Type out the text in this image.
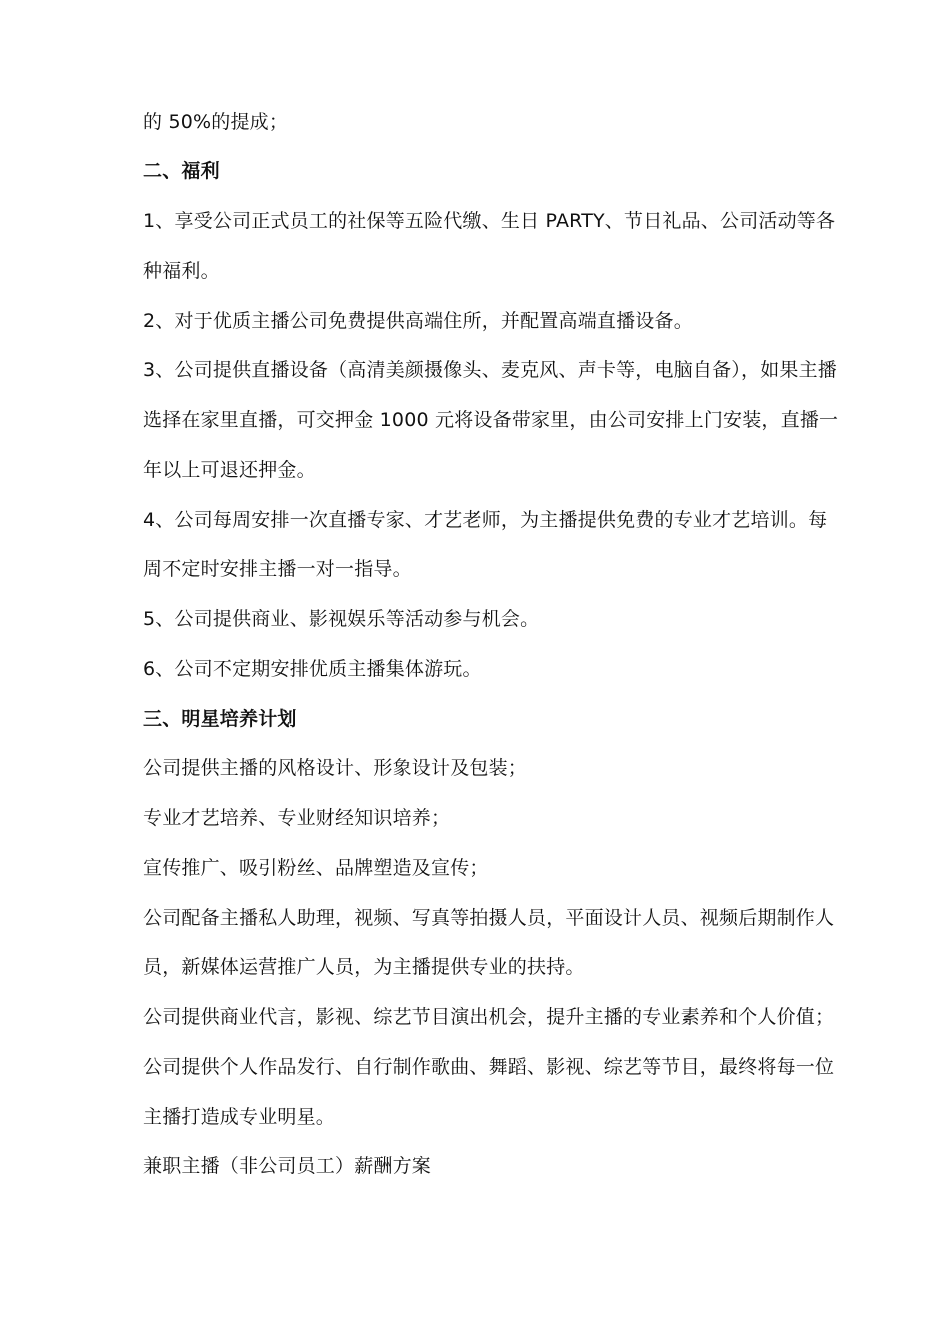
的 50%的提成；
二、福利
1、享受公司正式员工的社保等五险代缴、生日 PARTY、节日礼品、公司活动等各
种福利。
2、对于优质主播公司免费提供高端住所，并配置高端直播设备。
3、公司提供直播设备（高清美颜摄像头、麦克风、声卡等，电脑自备），如果主播
选择在家里直播，可交押金 1000 元将设备带家里，由公司安排上门安装，直播一
年以上可退还押金。
4、公司每周安排一次直播专家、才艺老师，为主播提供免费的专业才艺培训。每
周不定时安排主播一对一指导。
5、公司提供商业、影视娱乐等活动参与机会。
6、公司不定期安排优质主播集体游玩。
三、明星培养计划
公司提供主播的风格设计、形象设计及包装；
专业才艺培养、专业财经知识培养；
宣传推广、吸引粉丝、品牌塑造及宣传；
公司配备主播私人助理，视频、写真等拍摄人员，平面设计人员、视频后期制作人
员，新媒体运营推广人员，为主播提供专业的扶持。
公司提供商业代言，影视、综艺节目演出机会，提升主播的专业素养和个人价值；
公司提供个人作品发行、自行制作歌曲、舞蹈、影视、综艺等节目，最终将每一位
主播打造成专业明星。
兼职主播（非公司员工）薪酬方案
